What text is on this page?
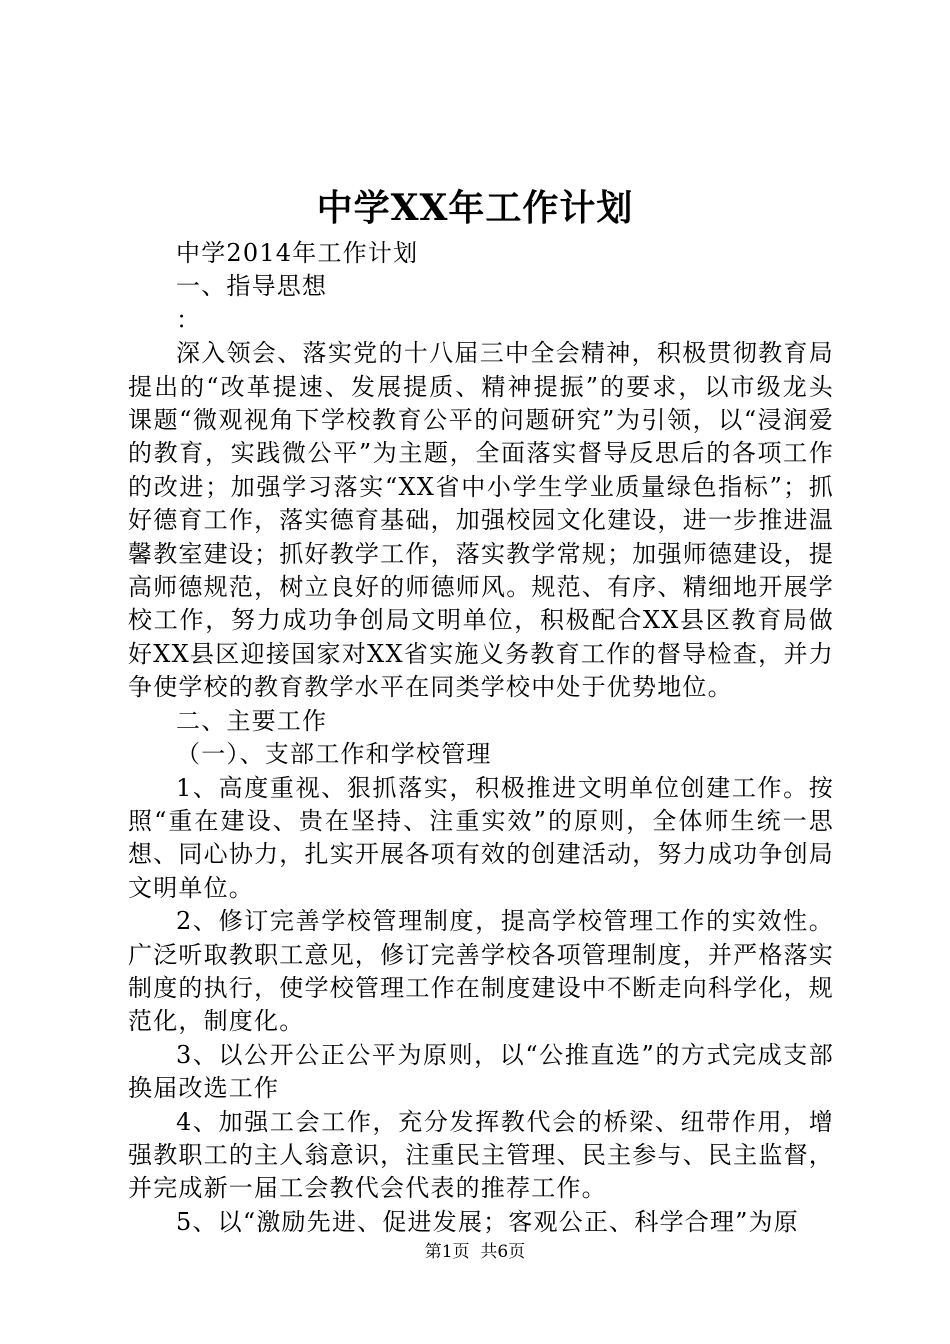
中学XX年工作计划

中学2014年工作计划

一、指导思想

：

深入领会、落实党的十八届三中全会精神，积极贯彻教育局提出的“改革提速、发展提质、精神提振”的要求，以市级龙头课题“微观视角下学校教育公平的问题研究”为引领，以“浸润爱的教育，实践微公平”为主题，全面落实督导反思后的各项工作的改进；加强学习落实“XX省中小学生学业质量绿色指标”；抓好德育工作，落实德育基础，加强校园文化建设，进一步推进温馨教室建设；抓好教学工作，落实教学常规；加强师德建设，提高师德规范，树立良好的师德师风。规范、有序、精细地开展学校工作，努力成功争创局文明单位，积极配合XX县区教育局做好XX县区迎接国家对XX省实施义务教育工作的督导检查，并力争使学校的教育教学水平在同类学校中处于优势地位。

二、主要工作

（一）、支部工作和学校管理

1、高度重视、狠抓落实，积极推进文明单位创建工作。按照“重在建设、贵在坚持、注重实效”的原则，全体师生统一思想、同心协力，扎实开展各项有效的创建活动，努力成功争创局文明单位。

2、修订完善学校管理制度，提高学校管理工作的实效性。广泛听取教职工意见，修订完善学校各项管理制度，并严格落实制度的执行，使学校管理工作在制度建设中不断走向科学化，规范化，制度化。

3、以公开公正公平为原则，以“公推直选”的方式完成支部换届改选工作

4、加强工会工作，充分发挥教代会的桥梁、纽带作用，增强教职工的主人翁意识，注重民主管理、民主参与、民主监督，并完成新一届工会教代会代表的推荐工作。

5、以“激励先进、促进发展；客观公正、科学合理”为原

第1页 共6页
